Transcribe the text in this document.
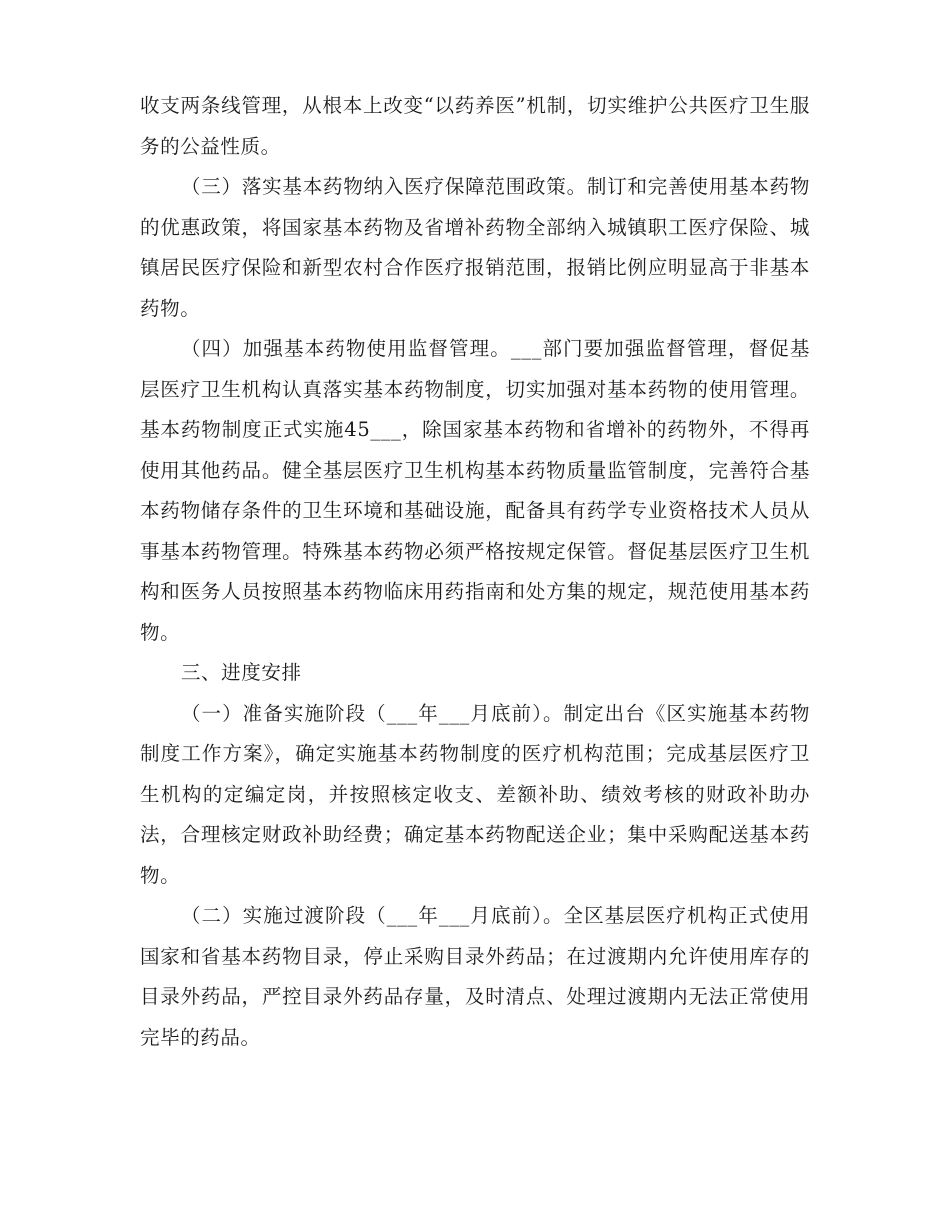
收支两条线管理，从根本上改变“以药养医”机制，切实维护公共医疗卫生服务的公益性质。

（三）落实基本药物纳入医疗保障范围政策。制订和完善使用基本药物的优惠政策，将国家基本药物及省增补药物全部纳入城镇职工医疗保险、城镇居民医疗保险和新型农村合作医疗报销范围，报销比例应明显高于非基本药物。

（四）加强基本药物使用监督管理。___部门要加强监督管理，督促基层医疗卫生机构认真落实基本药物制度，切实加强对基本药物的使用管理。基本药物制度正式实施45___，除国家基本药物和省增补的药物外，不得再使用其他药品。健全基层医疗卫生机构基本药物质量监管制度，完善符合基本药物储存条件的卫生环境和基础设施，配备具有药学专业资格技术人员从事基本药物管理。特殊基本药物必须严格按规定保管。督促基层医疗卫生机构和医务人员按照基本药物临床用药指南和处方集的规定，规范使用基本药物。

三、进度安排

（一）准备实施阶段（___年___月底前）。制定出台《区实施基本药物制度工作方案》，确定实施基本药物制度的医疗机构范围；完成基层医疗卫生机构的定编定岗，并按照核定收支、差额补助、绩效考核的财政补助办法，合理核定财政补助经费；确定基本药物配送企业；集中采购配送基本药物。

（二）实施过渡阶段（___年___月底前）。全区基层医疗机构正式使用国家和省基本药物目录，停止采购目录外药品；在过渡期内允许使用库存的目录外药品，严控目录外药品存量，及时清点、处理过渡期内无法正常使用完毕的药品。
